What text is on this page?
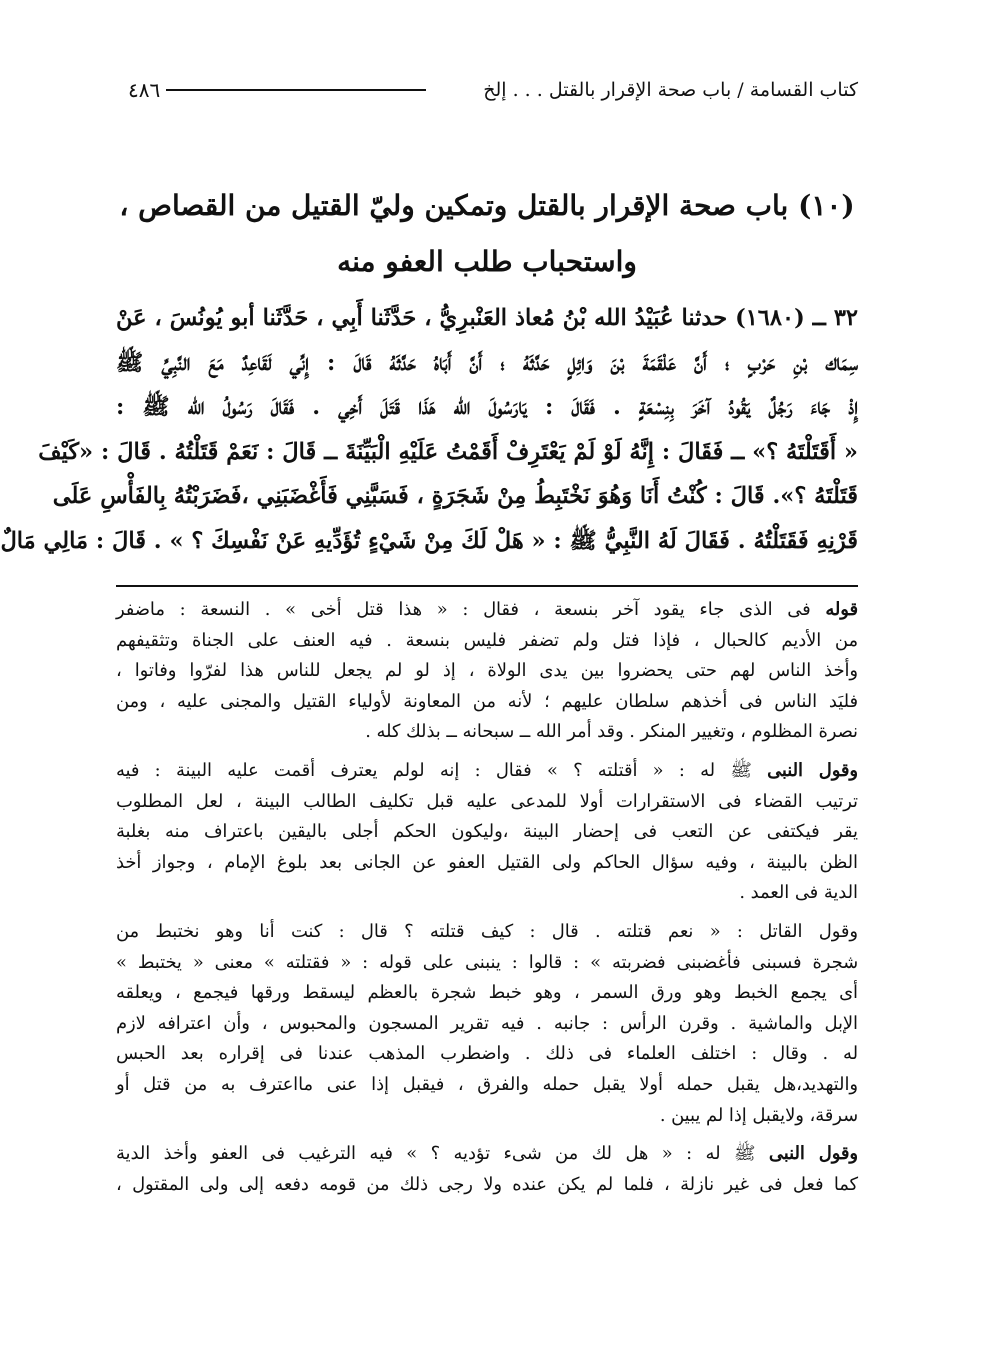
كتاب القسامة / باب صحة الإقرار بالقتل . . . إلخ
٤٨٦
(١٠) باب صحة الإقرار بالقتل وتمكين وليّ القتيل من القصاص ،
واستحباب طلب العفو منه
٣٢ ــ (١٦٨٠) حدثنا عُبَيْدُ الله بْنُ مُعاذ العَنْبرِيُّ ، حَدَّثَنا أَبِي ، حَدَّثَنا أبو يُونُسَ ، عَنْ
سِمَاك بْنِ حَرْبٍ ؛ أَنَّ عَلْقَمَةَ بْنَ وَائِلٍ حَدَّثَهُ ؛ أَنَّ أَبَاهُ حَدَّثَهُ قَالَ : إِنِّي لَقَاعِدٌ مَعَ النَّبِيِّ ﷺ
إِذْ جَاءَ رَجُلٌ يَقُودُ آخَرَ بِنِسْعَةٍ . فَقَالَ : يَارَسُولَ الله هَذَا قَتَلَ أَخِي . فَقَالَ رَسُولُ الله ﷺ :
« أَقَتَلْتَهُ ؟» ــ فَقَالَ : إِنَّهُ لَوْ لَمْ يَعْتَرِفْ أَقَمْتُ عَلَيْهِ الْبَيِّنَةَ ــ قَالَ : نَعَمْ قَتَلْتُهُ . قَالَ : «كَيْفَ
قَتَلْتَهُ ؟». قَالَ : كُنْتُ أَنَا وَهُوَ نَخْتَبِطُ مِنْ شَجَرَةٍ ، فَسَبَّنِي فَأَغْضَبَنِي ،فَضَرَبْتُهُ بِالفَأْسِ عَلَى
قَرْنِهِ فَقَتَلْتُهُ . فَقَالَ لَهُ النَّبِيُّ ﷺ : « هَلْ لَكَ مِنْ شَيْءٍ تُؤَدِّيهِ عَنْ نَفْسِكَ ؟ » . قَالَ : مَالِي مَالٌ
قوله فى الذى جاء يقود آخر بنسعة ، فقال : « هذا قتل أخى » . النسعة : ماضفر
من الأديم كالحبال ، فإذا فتل ولم تضفر فليس بنسعة . فيه العنف على الجناة وتثقيفهم
وأخذ الناس لهم حتى يحضروا بين يدى الولاة ، إذ لو لم يجعل للناس هذا لفرّوا وفاتوا ،
فليَد الناس فى أخذهم سلطان عليهم ؛ لأنه من المعاونة لأولياء القتيل والمجنى عليه ، ومن
نصرة المظلوم ، وتغيير المنكر . وقد أمر الله ــ سبحانه ــ بذلك كله .
وقول النبى ﷺ له : « أقتلته ؟ » فقال : إنه لولم يعترف أقمت عليه البينة : فيه
ترتيب القضاء فى الاستقرارات أولا للمدعى عليه قبل تكليف الطالب البينة ، لعل المطلوب
يقر فيكتفى عن التعب فى إحضار البينة ،وليكون الحكم أجلى باليقين باعتراف منه بغلبة
الظن بالبينة ، وفيه سؤال الحاكم ولى القتيل العفو عن الجانى بعد بلوغ الإمام ، وجواز أخذ
الدية فى العمد .
وقول القاتل : « نعم قتلته . قال : كيف قتلته ؟ قال : كنت أنا وهو نختبط من
شجرة فسبنى فأغضبنى فضربته » : قالوا : ينبنى على قوله : « فقتلته » معنى « يختبط »
أى يجمع الخبط وهو ورق السمر ، وهو خبط شجرة بالعظم ليسقط ورقها فيجمع ، ويعلقه
الإبل والماشية . وقرن الرأس : جانبه . فيه تقرير المسجون والمحبوس ، وأن اعترافه لازم
له . وقال : اختلف العلماء فى ذلك . واضطرب المذهب عندنا فى إقراره بعد الحبس
والتهديد،هل يقبل حمله أولا يقبل حمله والفرق ، فيقبل إذا عنى مااعترف به من قتل أو
سرقة، ولايقبل إذا لم يبين .
وقول النبى ﷺ له : « هل لك من شىء تؤديه ؟ » فيه الترغيب فى العفو وأخذ الدية
كما فعل فى غير نازلة ، فلما لم يكن عنده ولا رجى ذلك من قومه دفعه إلى ولى المقتول ،
